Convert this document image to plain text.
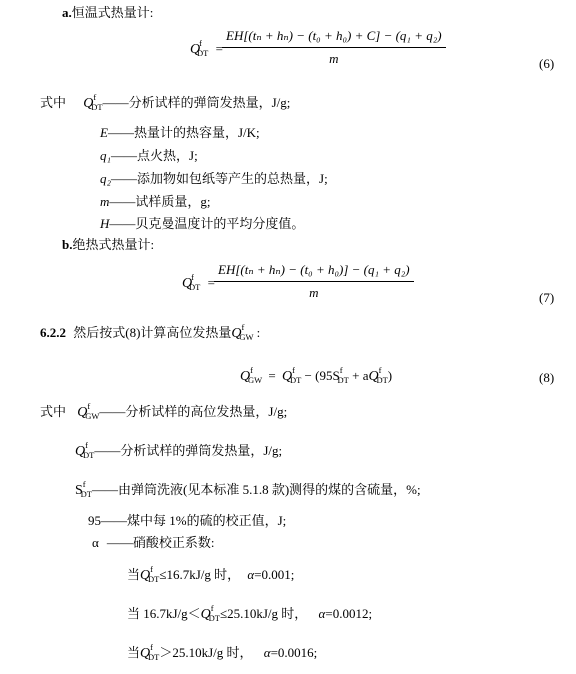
a.恒温式热量计:
$Q^f_{DT}$ =
EH[(tₙ + hₙ) − (t₀ + h₀) + C] − (q₁ + q₂)
m	(6)
式中 $Q^f_{DT}——$分析试样的弹筒发热量，J/g;
E——热量计的热容量，J/K;
q₁——点火热，J;
q₂——添加物如包纸等产生的总热量，J;
m——试样质量，g;
H——贝克曼温度计的平均分度值。
b.绝热式热量计:
$Q^f_{DT}$ =
EH[(tₙ + hₙ) − (t₀ + h₀)] − (q₁ + q₂)
m	(7)
6.2.2 然后按式(8)计算高位发热量$Q^f_{GW}$ :
$Q^f_{GW} = Q^f_{DT} - (95S^f_{DT} + aQ^f_{DT})$	(8)
式中 $Q^f_{GW}——$分析试样的高位发热量，J/g;
$Q^f_{DT}——$分析试样的弹筒发热量，J/g;
$S^f_{DT}——$由弹筒洗液(见本标准 5.1.8 款)测得的煤的含硫量，%;
95——煤中每 1%的硫的校正值，J;
α ——硝酸校正系数:
当$Q^f_{DT}\le 16.7kJ/g$ 时， α=0.001;
当 $16.7kJ/g<Q^f_{DT}\le 25.10kJ/g$ 时， α=0.0012;
当$Q^f_{DT}>25.10kJ/g$ 时， α=0.0016;
